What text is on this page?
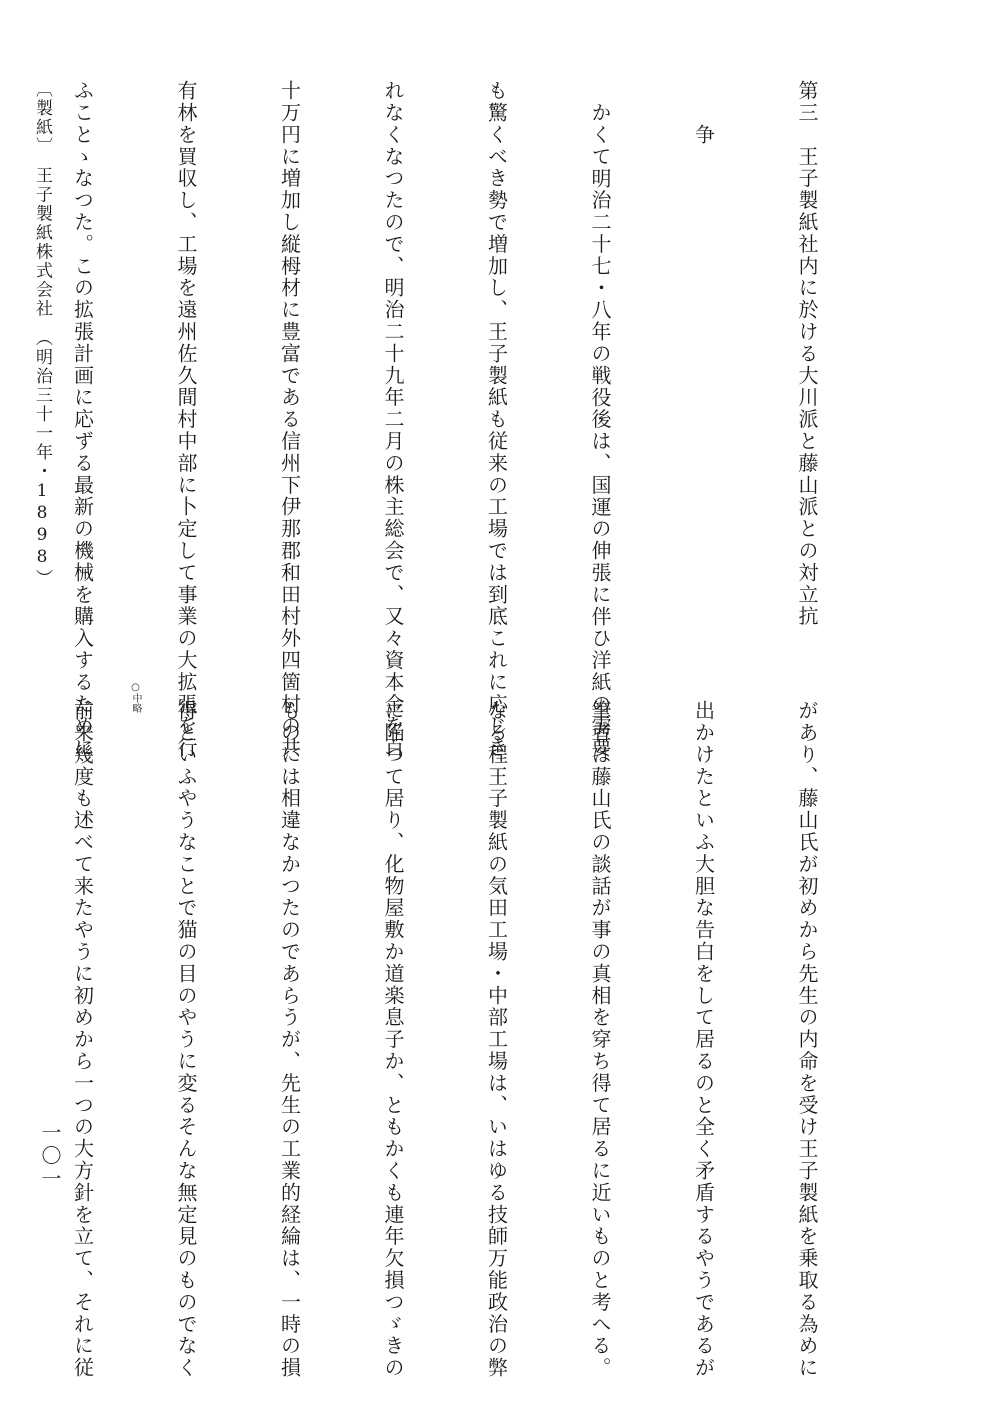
第三　王子製紙社内に於ける大川派と藤山派との対立抗

争

かくて明治二十七・八年の戦役後は、国運の伸張に伴ひ洋紙の需要

も驚くべき勢で増加し、王子製紙も従来の工場では到底これに応じき

れなくなつたので、明治二十九年二月の株主総会で、又々資本金を百

十万円に増加し縦栂材に豊富である信州下伊那郡和田村外四箇村の共

有林を買収し、工場を遠州佐久間村中部に卜定して事業の大拡張を行

ふことゝなつた。この拡張計画に応ずる最新の機械を購入するために

〔製紙〕　王子製紙株式会社　（明治三十一年・1898）

があり、藤山氏が初めから先生の内命を受け王子製紙を乗取る為めに

出かけたといふ大胆な告白をして居るのと全く矛盾するやうであるが

筆者は藤山氏の談話が事の真相を穿ち得て居るに近いものと考へる。

なる程王子製紙の気田工場・中部工場は、いはゆる技師万能政治の弊

に陥つて居り、化物屋敷か道楽息子か、ともかくも連年欠損つゞきの

ものには相違なかつたのであらうが、先生の工業的経綸は、一時の損

得といふやうなことで猫の目のやうに変るそんな無定見のものでなく

前来幾度も述べて来たやうに初めから一つの大方針を立て、それに従

○中略
一〇一
